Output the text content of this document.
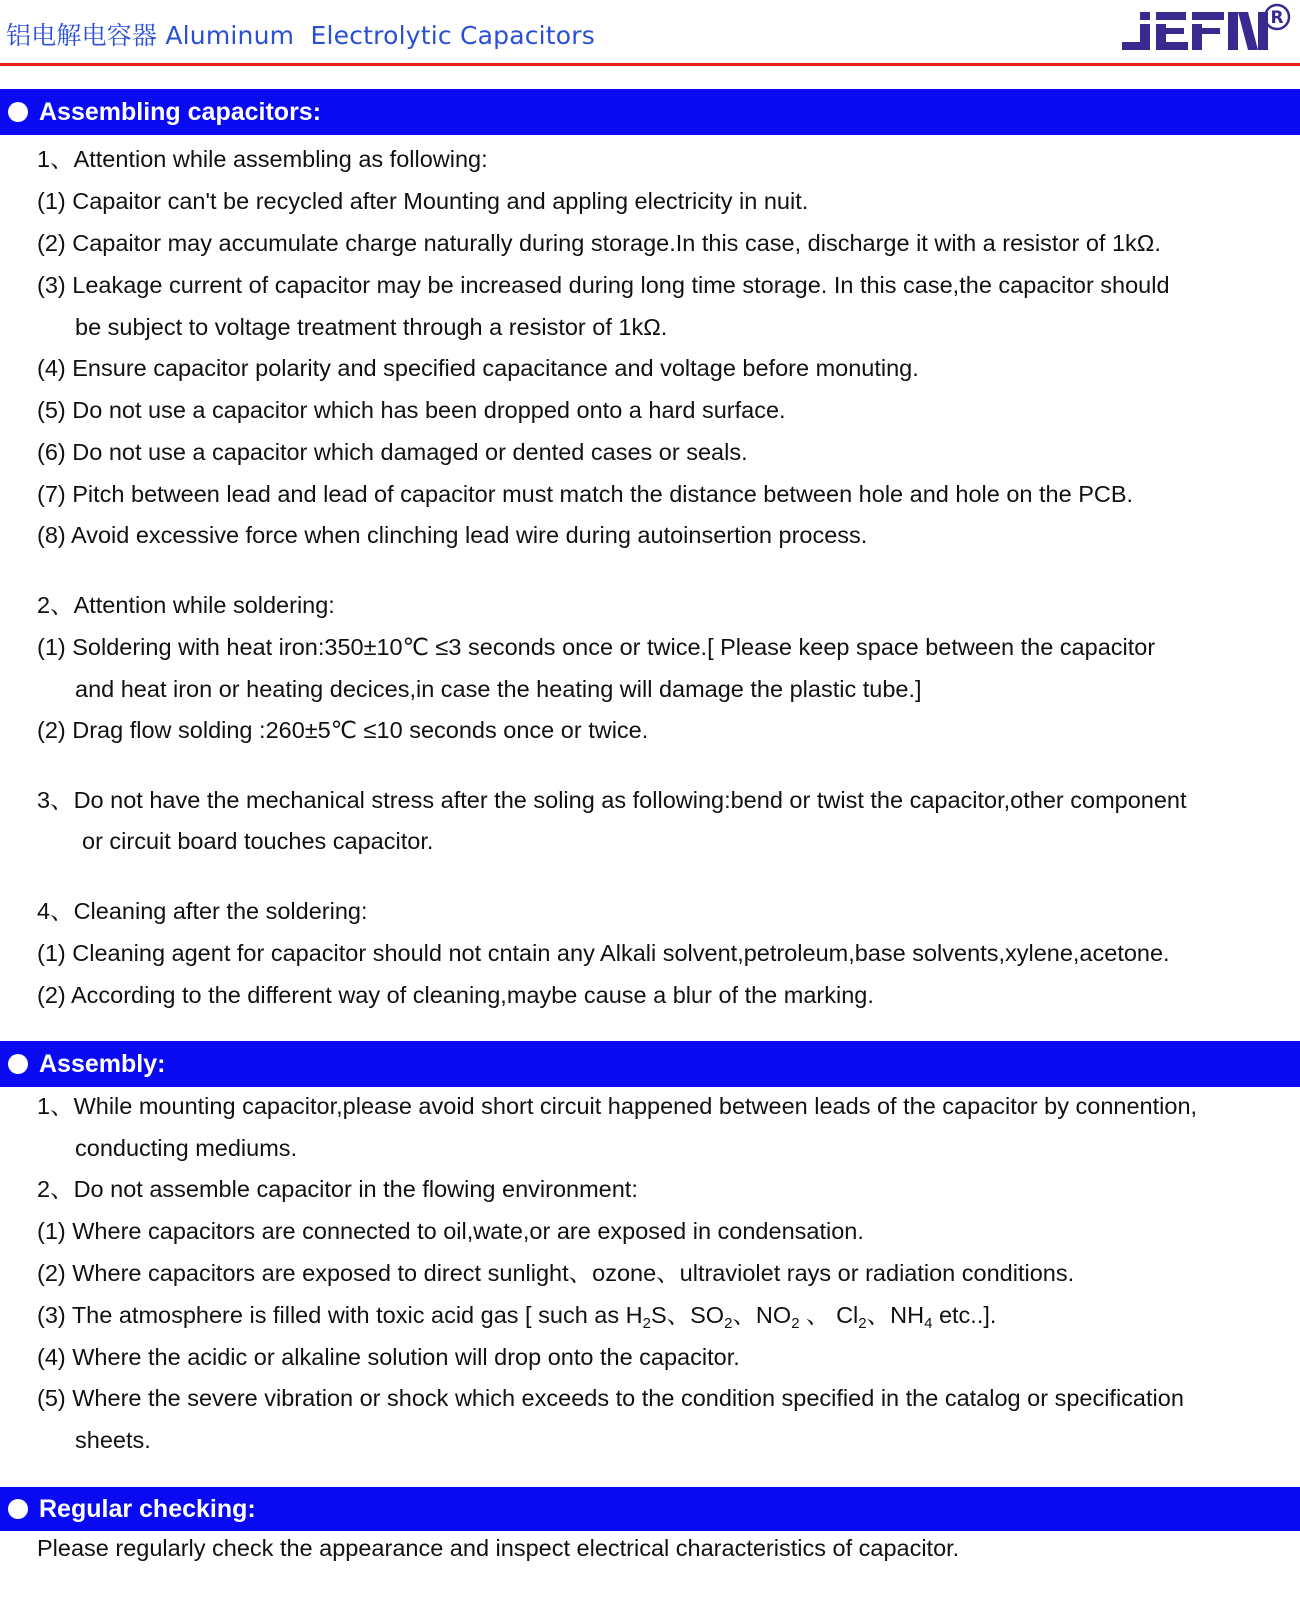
铝电解电容器 Aluminum  Electrolytic Capacitors
R
Assembling capacitors:
1、Attention while assembling as following:
(1) Capaitor can't be recycled after Mounting and appling electricity in nuit.
(2) Capaitor may accumulate charge naturally during storage.In this case, discharge it with a resistor of 1kΩ.
(3) Leakage current of capacitor may be increased during long time storage. In this case,the capacitor should
be subject to voltage treatment through a resistor of 1kΩ.
(4) Ensure capacitor polarity and specified capacitance and voltage before monuting.
(5) Do not use a capacitor which has been dropped onto a hard surface.
(6) Do not use a capacitor which damaged or dented cases or seals.
(7) Pitch between lead and lead of capacitor must match the distance between hole and hole on the PCB.
(8) Avoid excessive force when clinching lead wire during autoinsertion process.
2、Attention while soldering:
(1) Soldering with heat iron:350±10℃ ≤3 seconds once or twice.[ Please keep space between the capacitor
and heat iron or heating decices,in case the heating will damage the plastic tube.]
(2) Drag flow solding :260±5℃ ≤10 seconds once or twice.
3、Do not have the mechanical stress after the soling as following:bend or twist the capacitor,other component
or circuit board touches capacitor.
4、Cleaning after the soldering:
(1) Cleaning agent for capacitor should not cntain any Alkali solvent,petroleum,base solvents,xylene,acetone.
(2) According to the different way of cleaning,maybe cause a blur of the marking.
Assembly:
1、While mounting capacitor,please avoid short circuit happened between leads of the capacitor by connention,
conducting mediums.
2、Do not assemble capacitor in the flowing environment:
(1) Where capacitors are connected to oil,wate,or are exposed in condensation.
(2) Where capacitors are exposed to direct sunlight、ozone、ultraviolet rays or radiation conditions.
(3) The atmosphere is filled with toxic acid gas [ such as $H_2S$、$SO_2$、$NO_2$ 、 $Cl_2$、$NH_4$ etc..].
(4) Where the acidic or alkaline solution will drop onto the capacitor.
(5) Where the severe vibration or shock which exceeds to the condition specified in the catalog or specification
sheets.
Regular checking:
Please regularly check the appearance and inspect electrical characteristics of capacitor.
